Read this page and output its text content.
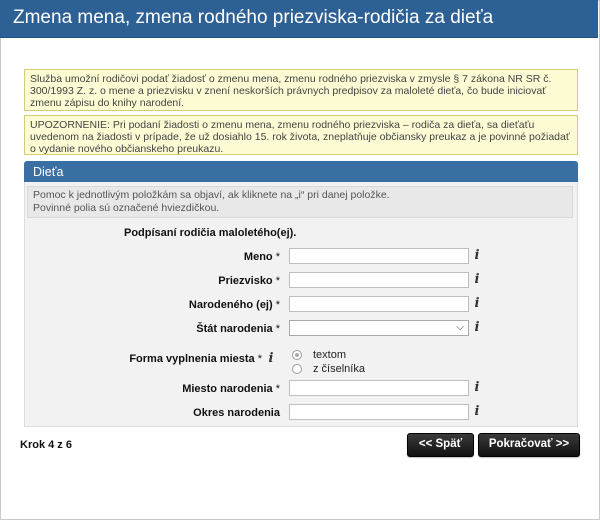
Zmena mena, zmena rodného priezviska-rodičia za dieťa
Služba umožní rodičovi podať žiadosť o zmenu mena, zmenu rodného priezviska v zmysle § 7 zákona NR SR č. 300/1993 Z. z. o mene a priezvisku v znení neskorších právnych predpisov za maloleté dieťa, čo bude iniciovať zmenu zápisu do knihy narodení.
UPOZORNENIE: Pri podaní žiadosti o zmenu mena, zmenu rodného priezviska – rodiča za dieťa, sa dieťaťu uvedenom na žiadosti v prípade, že už dosiahlo 15. rok života, zneplatňuje občiansky preukaz a je povinné požiadať o vydanie nového občianskeho preukazu.
Dieťa
Pomoc k jednotlivým položkám sa objaví, ak kliknete na „i“ pri danej položke.
Povinné polia sú označené hviezdičkou.
Podpísaní rodičia maloletého(ej).
Meno *	i
Priezvisko *	i
Narodeného (ej) *	i
Štát narodenia *	⌵ i
Forma vyplnenia miesta * i	textom
z číselníka
Miesto narodenia *	i
Okres narodenia	i
Krok 4 z 6	<< Späť	Pokračovať >>
